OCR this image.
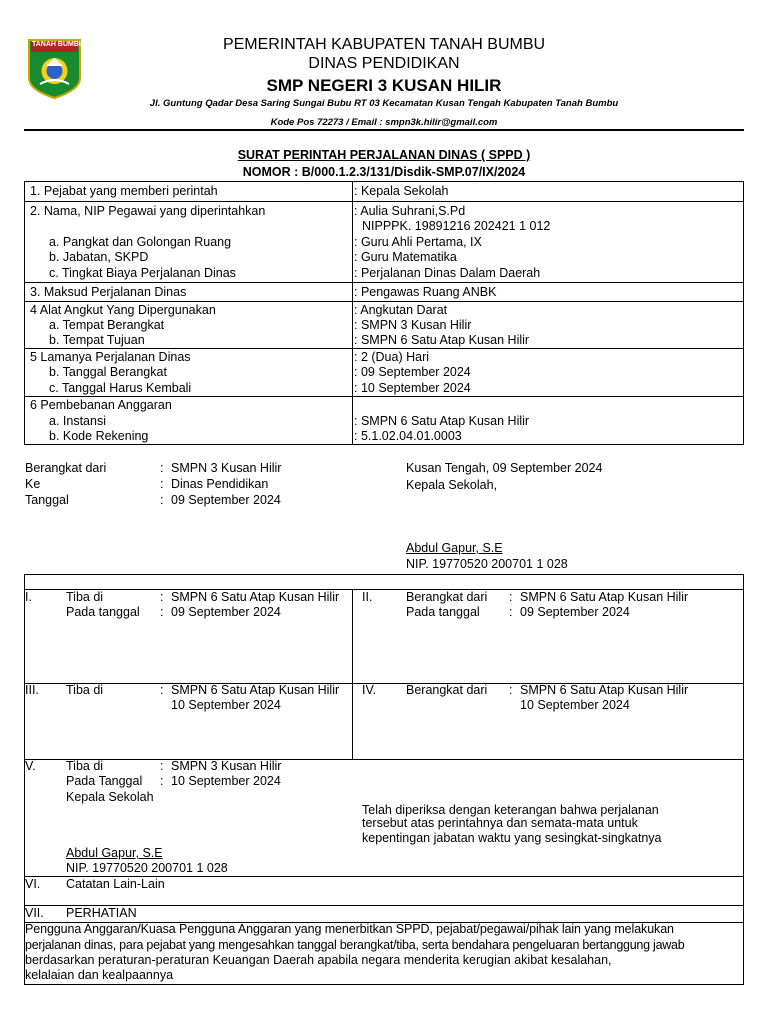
TANAH BUMBU	PEMERINTAH KABUPATEN TANAH BUMBU
DINAS PENDIDIKAN
SMP NEGERI 3 KUSAN HILIR
Jl. Guntung Qadar Desa Saring Sungai Bubu RT 03 Kecamatan Kusan Tengah Kabupaten Tanah Bumbu
Kode Pos 72273 / Email : smpn3k.hilir@gmail.com
SURAT PERINTAH PERJALANAN DINAS ( SPPD )
NOMOR : B/000.1.2.3/131/Disdik-SMP.07/IX/2024
1. Pejabat yang memberi perintah	: Kepala Sekolah
2. Nama, NIP Pegawai yang diperintahkan	: Aulia Suhrani,S.Pd
NIPPPK. 19891216 202421 1 012
a. Pangkat dan Golongan Ruang	: Guru Ahli Pertama, IX
b. Jabatan, SKPD	: Guru Matematika
c. Tingkat Biaya Perjalanan Dinas	: Perjalanan Dinas Dalam Daerah
3. Maksud Perjalanan Dinas	: Pengawas Ruang ANBK
4 Alat Angkut Yang Dipergunakan	: Angkutan Darat
a. Tempat Berangkat	: SMPN 3 Kusan Hilir
b. Tempat Tujuan	: SMPN 6 Satu Atap Kusan Hilir
5 Lamanya Perjalanan Dinas	: 2 (Dua) Hari
b. Tanggal Berangkat	: 09 September 2024
c. Tanggal Harus Kembali	: 10 September 2024
6 Pembebanan Anggaran
a. Instansi	: SMPN 6 Satu Atap Kusan Hilir
b. Kode Rekening	: 5.1.02.04.01.0003
Berangkat dari	: SMPN 3 Kusan Hilir
Ke	: Dinas Pendidikan
Tanggal	: 09 September 2024
Kusan Tengah, 09 September 2024
Kepala Sekolah,
Abdul Gapur, S.E
NIP. 19770520 200701 1 028
I.	Tiba di	: SMPN 6 Satu Atap Kusan Hilir
Pada tanggal : 09 September 2024
II.	Berangkat dari : SMPN 6 Satu Atap Kusan Hilir
Pada tanggal : 09 September 2024
III. Tiba di	: SMPN 6 Satu Atap Kusan Hilir
10 September 2024
IV. Berangkat dari : SMPN 6 Satu Atap Kusan Hilir
10 September 2024
V. Tiba di	: SMPN 3 Kusan Hilir
Pada Tanggal : 10 September 2024
Kepala Sekolah
Telah diperiksa dengan keterangan bahwa perjalanan
tersebut atas perintahnya dan semata-mata untuk
kepentingan jabatan waktu yang sesingkat-singkatnya
Abdul Gapur, S.E
NIP. 19770520 200701 1 028
VI. Catatan Lain-Lain
VII. PERHATIAN
Pengguna Anggaran/Kuasa Pengguna Anggaran yang menerbitkan SPPD, pejabat/pegawai/pihak lain yang melakukan
perjalanan dinas, para pejabat yang mengesahkan tanggal berangkat/tiba, serta bendahara pengeluaran bertanggung jawab
berdasarkan peraturan-peraturan Keuangan Daerah apabila negara menderita kerugian akibat kesalahan,
kelalaian dan kealpaannya
